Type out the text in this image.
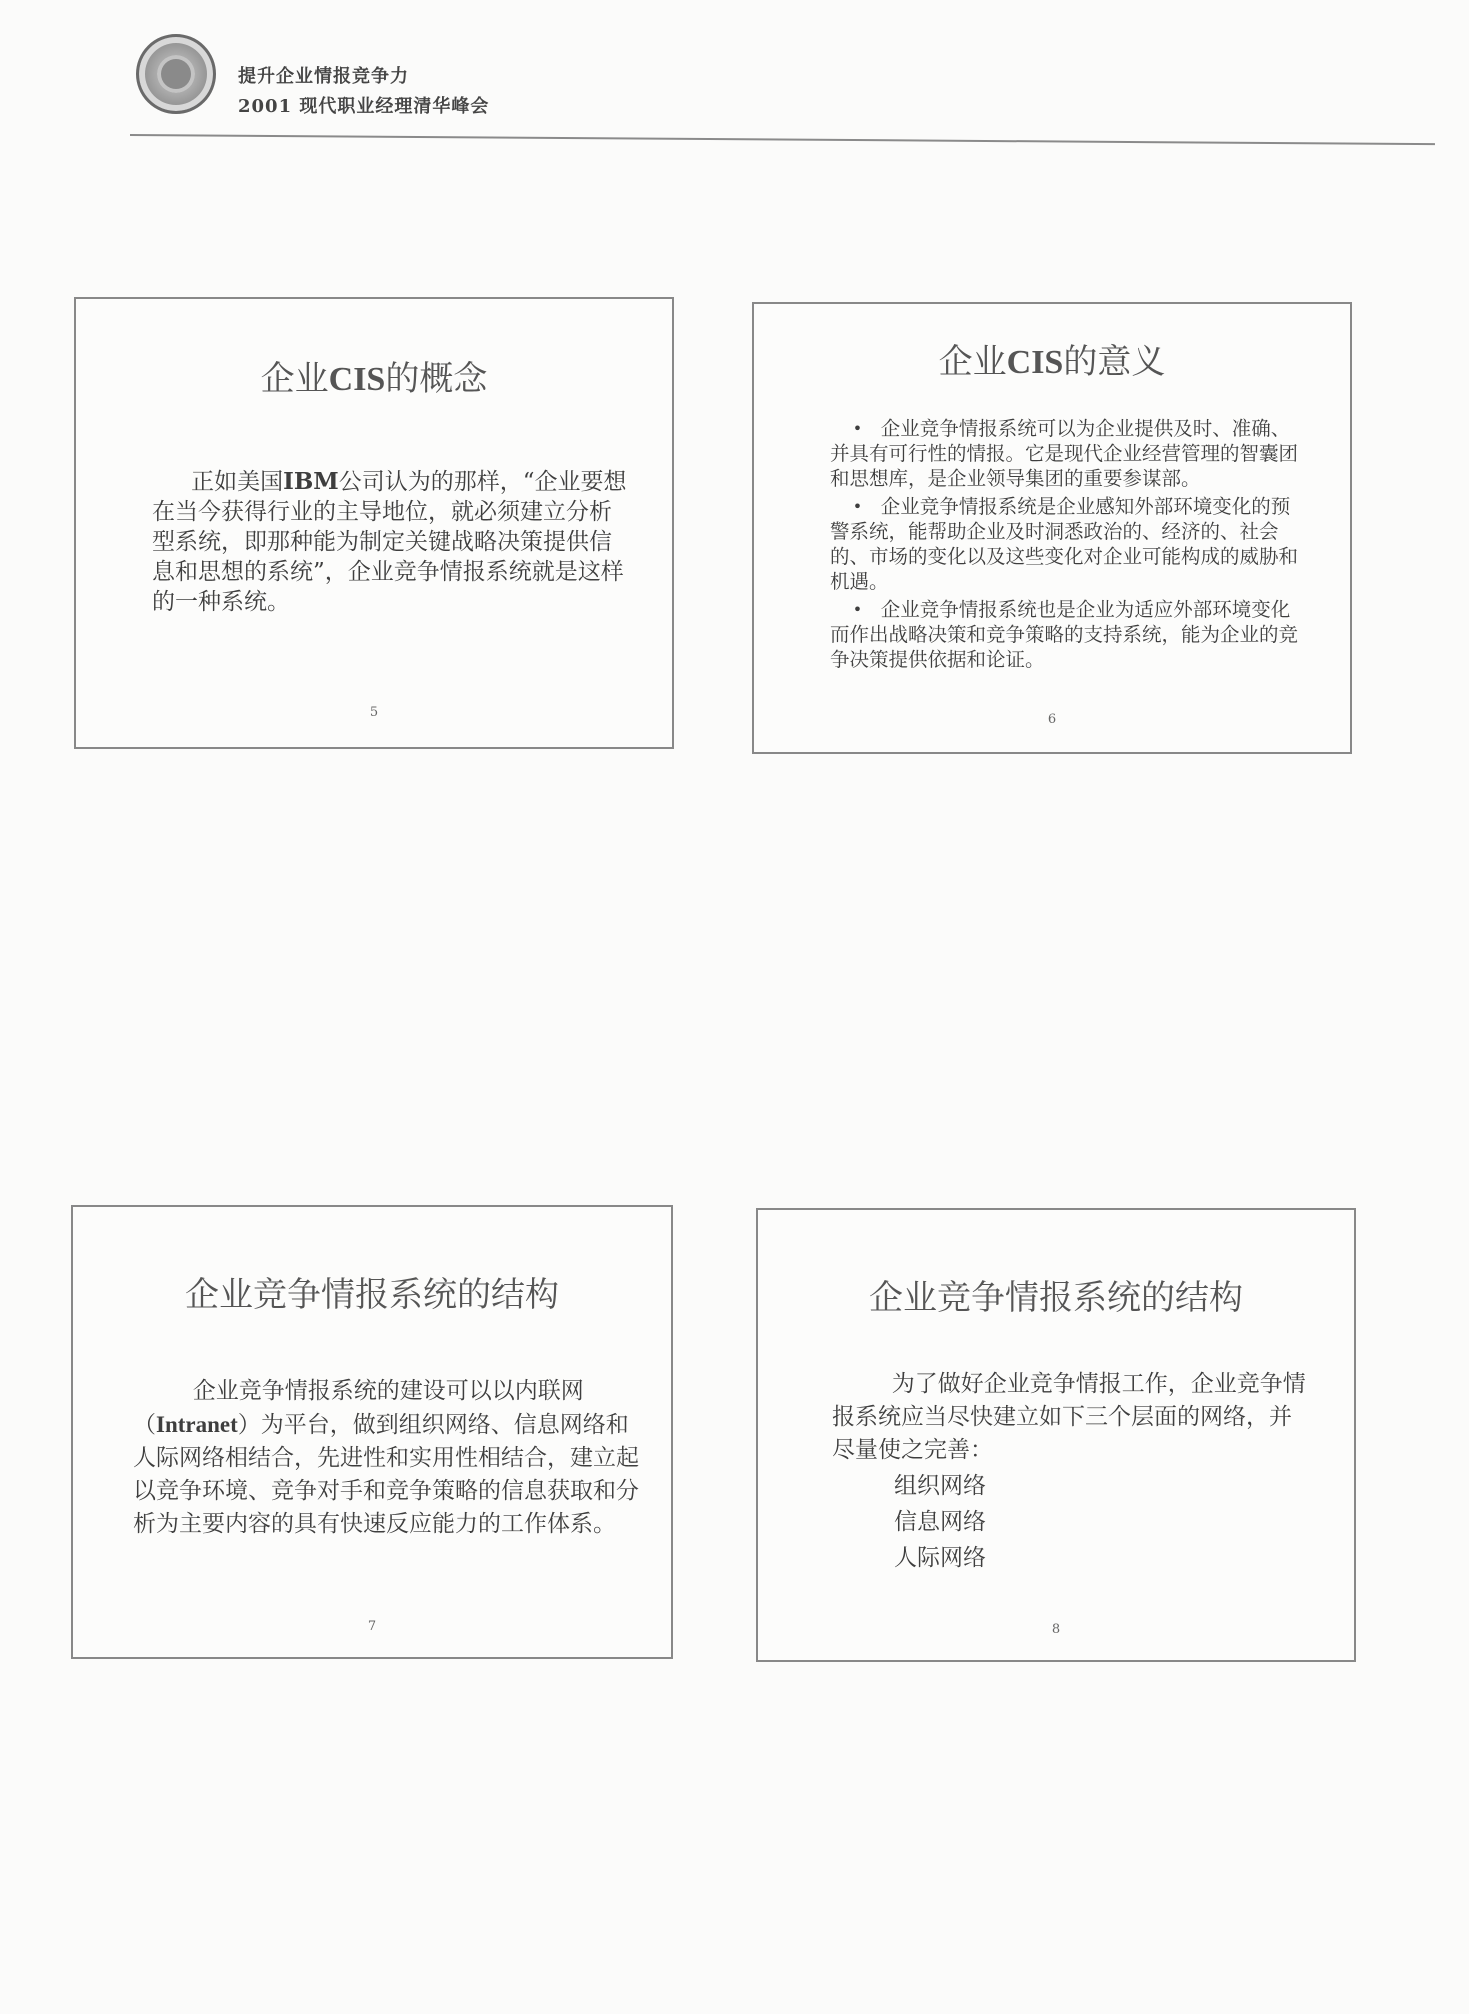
提升企业情报竞争力
2001 现代职业经理清华峰会
企业CIS的概念

正如美国IBM公司认为的那样，“企业要想在当今获得行业的主导地位，就必须建立分析型系统，即那种能为制定关键战略决策提供信息和思想的系统”，企业竞争情报系统就是这样的一种系统。

5
企业CIS的意义
• 企业竞争情报系统可以为企业提供及时、准确、并具有可行性的情报。它是现代企业经营管理的智囊团和思想库，是企业领导集团的重要参谋部。
• 企业竞争情报系统是企业感知外部环境变化的预警系统，能帮助企业及时洞悉政治的、经济的、社会的、市场的变化以及这些变化对企业可能构成的威胁和机遇。
• 企业竞争情报系统也是企业为适应外部环境变化而作出战略决策和竞争策略的支持系统，能为企业的竞争决策提供依据和论证。
6
企业竞争情报系统的结构

企业竞争情报系统的建设可以以内联网（Intranet）为平台，做到组织网络、信息网络和人际网络相结合，先进性和实用性相结合，建立起以竞争环境、竞争对手和竞争策略的信息获取和分析为主要内容的具有快速反应能力的工作体系。

7
企业竞争情报系统的结构

为了做好企业竞争情报工作，企业竞争情报系统应当尽快建立如下三个层面的网络，并尽量使之完善：

组织网络
信息网络
人际网络
8
